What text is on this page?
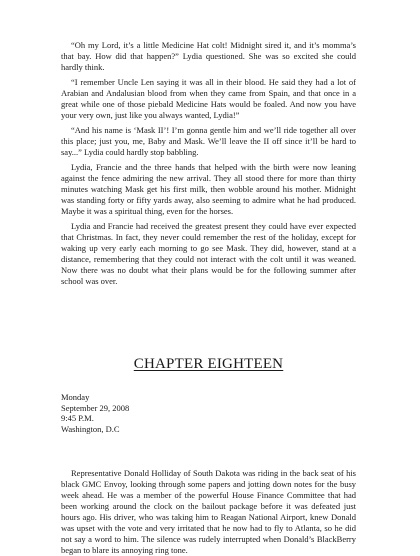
“Oh my Lord, it’s a little Medicine Hat colt! Midnight sired it, and it’s momma’s that bay. How did that happen?” Lydia questioned. She was so excited she could hardly think.

“I remember Uncle Len saying it was all in their blood. He said they had a lot of Arabian and Andalusian blood from when they came from Spain, and that once in a great while one of those piebald Medicine Hats would be foaled. And now you have your very own, just like you always wanted, Lydia!”

“And his name is ‘Mask II’! I’m gonna gentle him and we’ll ride together all over this place; just you, me, Baby and Mask. We’ll leave the II off since it’ll be hard to say...” Lydia could hardly stop babbling.

Lydia, Francie and the three hands that helped with the birth were now leaning against the fence admiring the new arrival. They all stood there for more than thirty minutes watching Mask get his first milk, then wobble around his mother. Midnight was standing forty or fifty yards away, also seeming to admire what he had produced. Maybe it was a spiritual thing, even for the horses.

Lydia and Francie had received the greatest present they could have ever expected that Christmas. In fact, they never could remember the rest of the holiday, except for waking up very early each morning to go see Mask. They did, however, stand at a distance, remembering that they could not interact with the colt until it was weaned. Now there was no doubt what their plans would be for the following summer after school was over.

CHAPTER EIGHTEEN
Monday
September 29, 2008
9:45 P.M.
Washington, D.C

Representative Donald Holliday of South Dakota was riding in the back seat of his black GMC Envoy, looking through some papers and jotting down notes for the busy week ahead. He was a member of the powerful House Finance Committee that had been working around the clock on the bailout package before it was defeated just hours ago. His driver, who was taking him to Reagan National Airport, knew Donald was upset with the vote and very irritated that he now had to fly to Atlanta, so he did not say a word to him. The silence was rudely interrupted when Donald’s BlackBerry began to blare its annoying ring tone.
